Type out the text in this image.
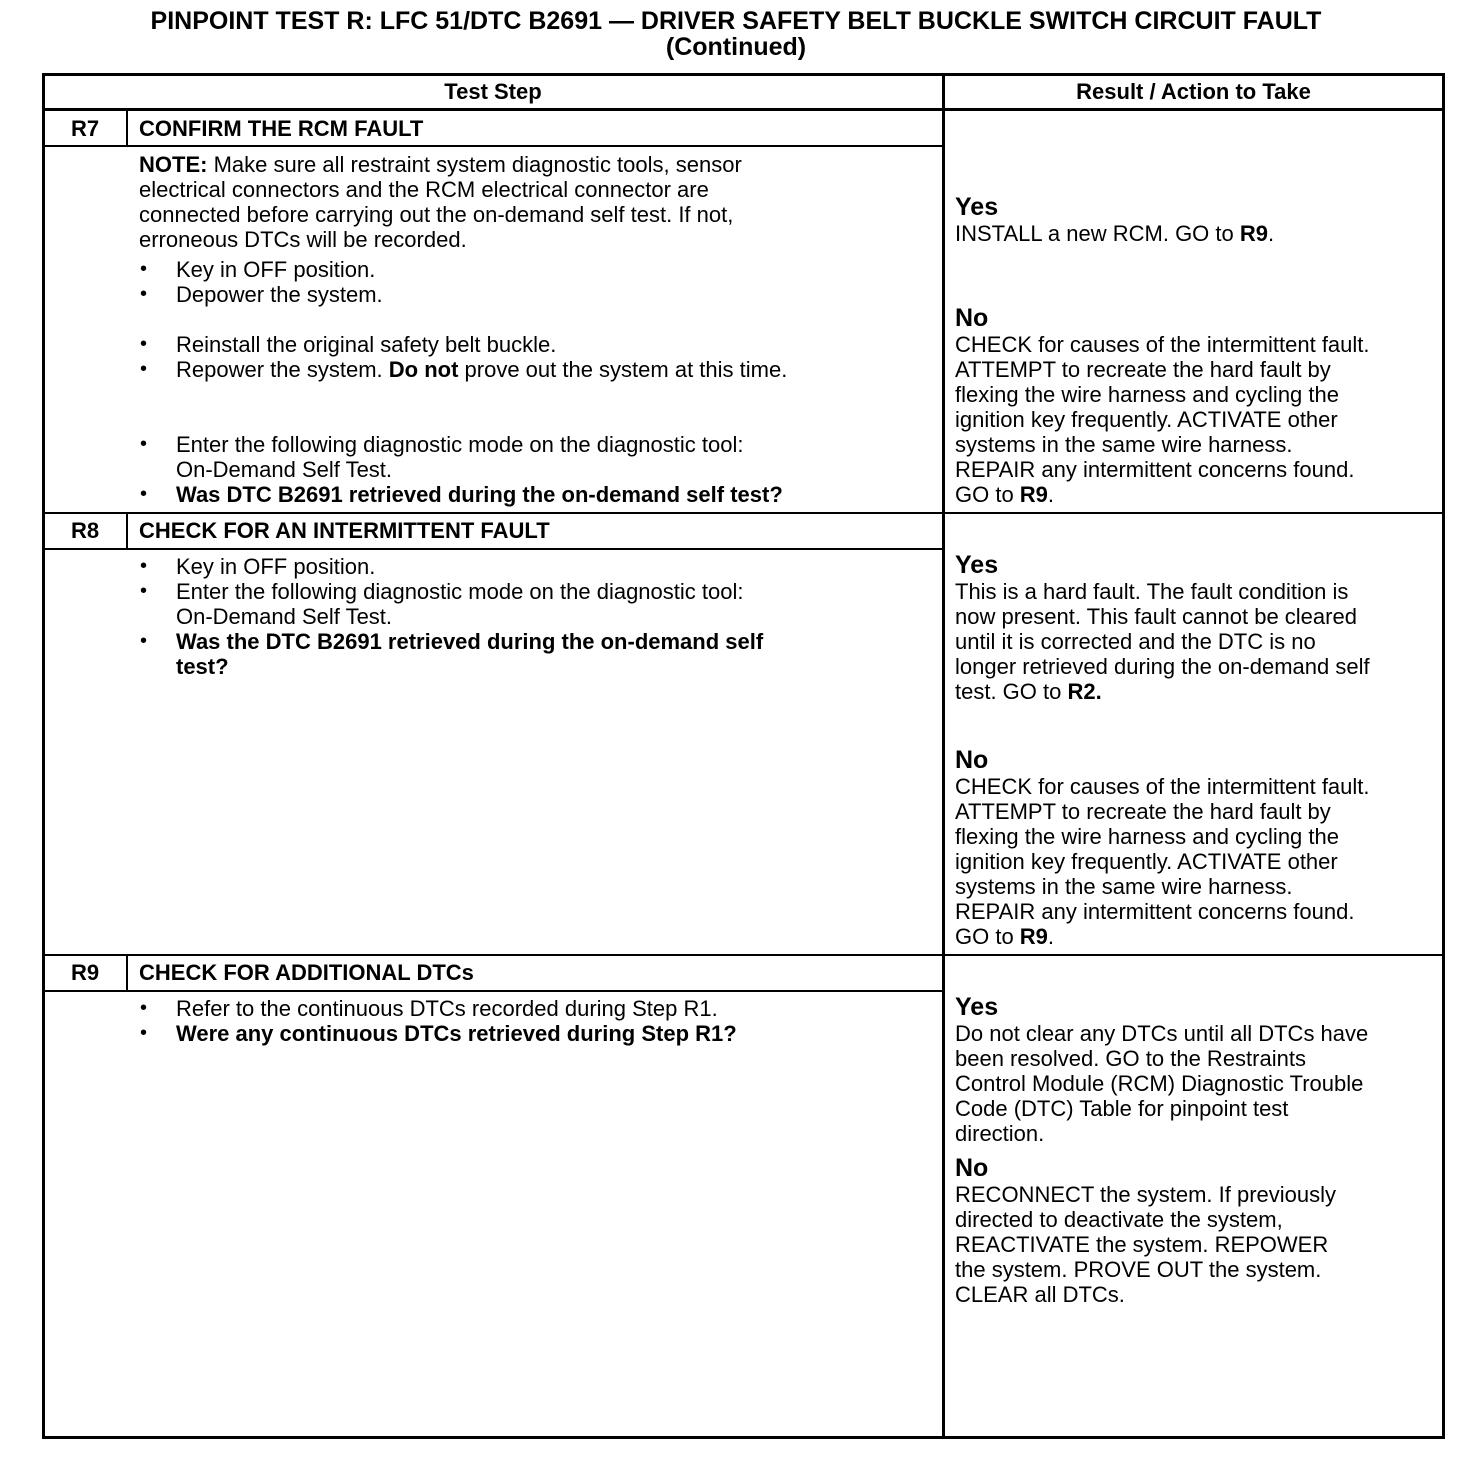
PINPOINT TEST R: LFC 51/DTC B2691 — DRIVER SAFETY BELT BUCKLE SWITCH CIRCUIT FAULT
(Continued)
Test Step	Result / Action to Take
R7	CONFIRM THE RCM FAULT
NOTE: Make sure all restraint system diagnostic tools, sensor
electrical connectors and the RCM electrical connector are
connected before carrying out the on-demand self test. If not,
erroneous DTCs will be recorded.
• Key in OFF position.
• Depower the system.
• Reinstall the original safety belt buckle.
• Repower the system. Do not prove out the system at this time.
• Enter the following diagnostic mode on the diagnostic tool:
On-Demand Self Test.
• Was DTC B2691 retrieved during the on-demand self test?
Yes
INSTALL a new RCM. GO to R9.
No
CHECK for causes of the intermittent fault.
ATTEMPT to recreate the hard fault by
flexing the wire harness and cycling the
ignition key frequently. ACTIVATE other
systems in the same wire harness.
REPAIR any intermittent concerns found.
GO to R9.
R8	CHECK FOR AN INTERMITTENT FAULT
• Key in OFF position.
• Enter the following diagnostic mode on the diagnostic tool:
On-Demand Self Test.
• Was the DTC B2691 retrieved during the on-demand self
test?
Yes
This is a hard fault. The fault condition is
now present. This fault cannot be cleared
until it is corrected and the DTC is no
longer retrieved during the on-demand self
test. GO to R2.
No
CHECK for causes of the intermittent fault.
ATTEMPT to recreate the hard fault by
flexing the wire harness and cycling the
ignition key frequently. ACTIVATE other
systems in the same wire harness.
REPAIR any intermittent concerns found.
GO to R9.
R9	CHECK FOR ADDITIONAL DTCs
• Refer to the continuous DTCs recorded during Step R1.
• Were any continuous DTCs retrieved during Step R1?
Yes
Do not clear any DTCs until all DTCs have
been resolved. GO to the Restraints
Control Module (RCM) Diagnostic Trouble
Code (DTC) Table for pinpoint test
direction.
No
RECONNECT the system. If previously
directed to deactivate the system,
REACTIVATE the system. REPOWER
the system. PROVE OUT the system.
CLEAR all DTCs.
